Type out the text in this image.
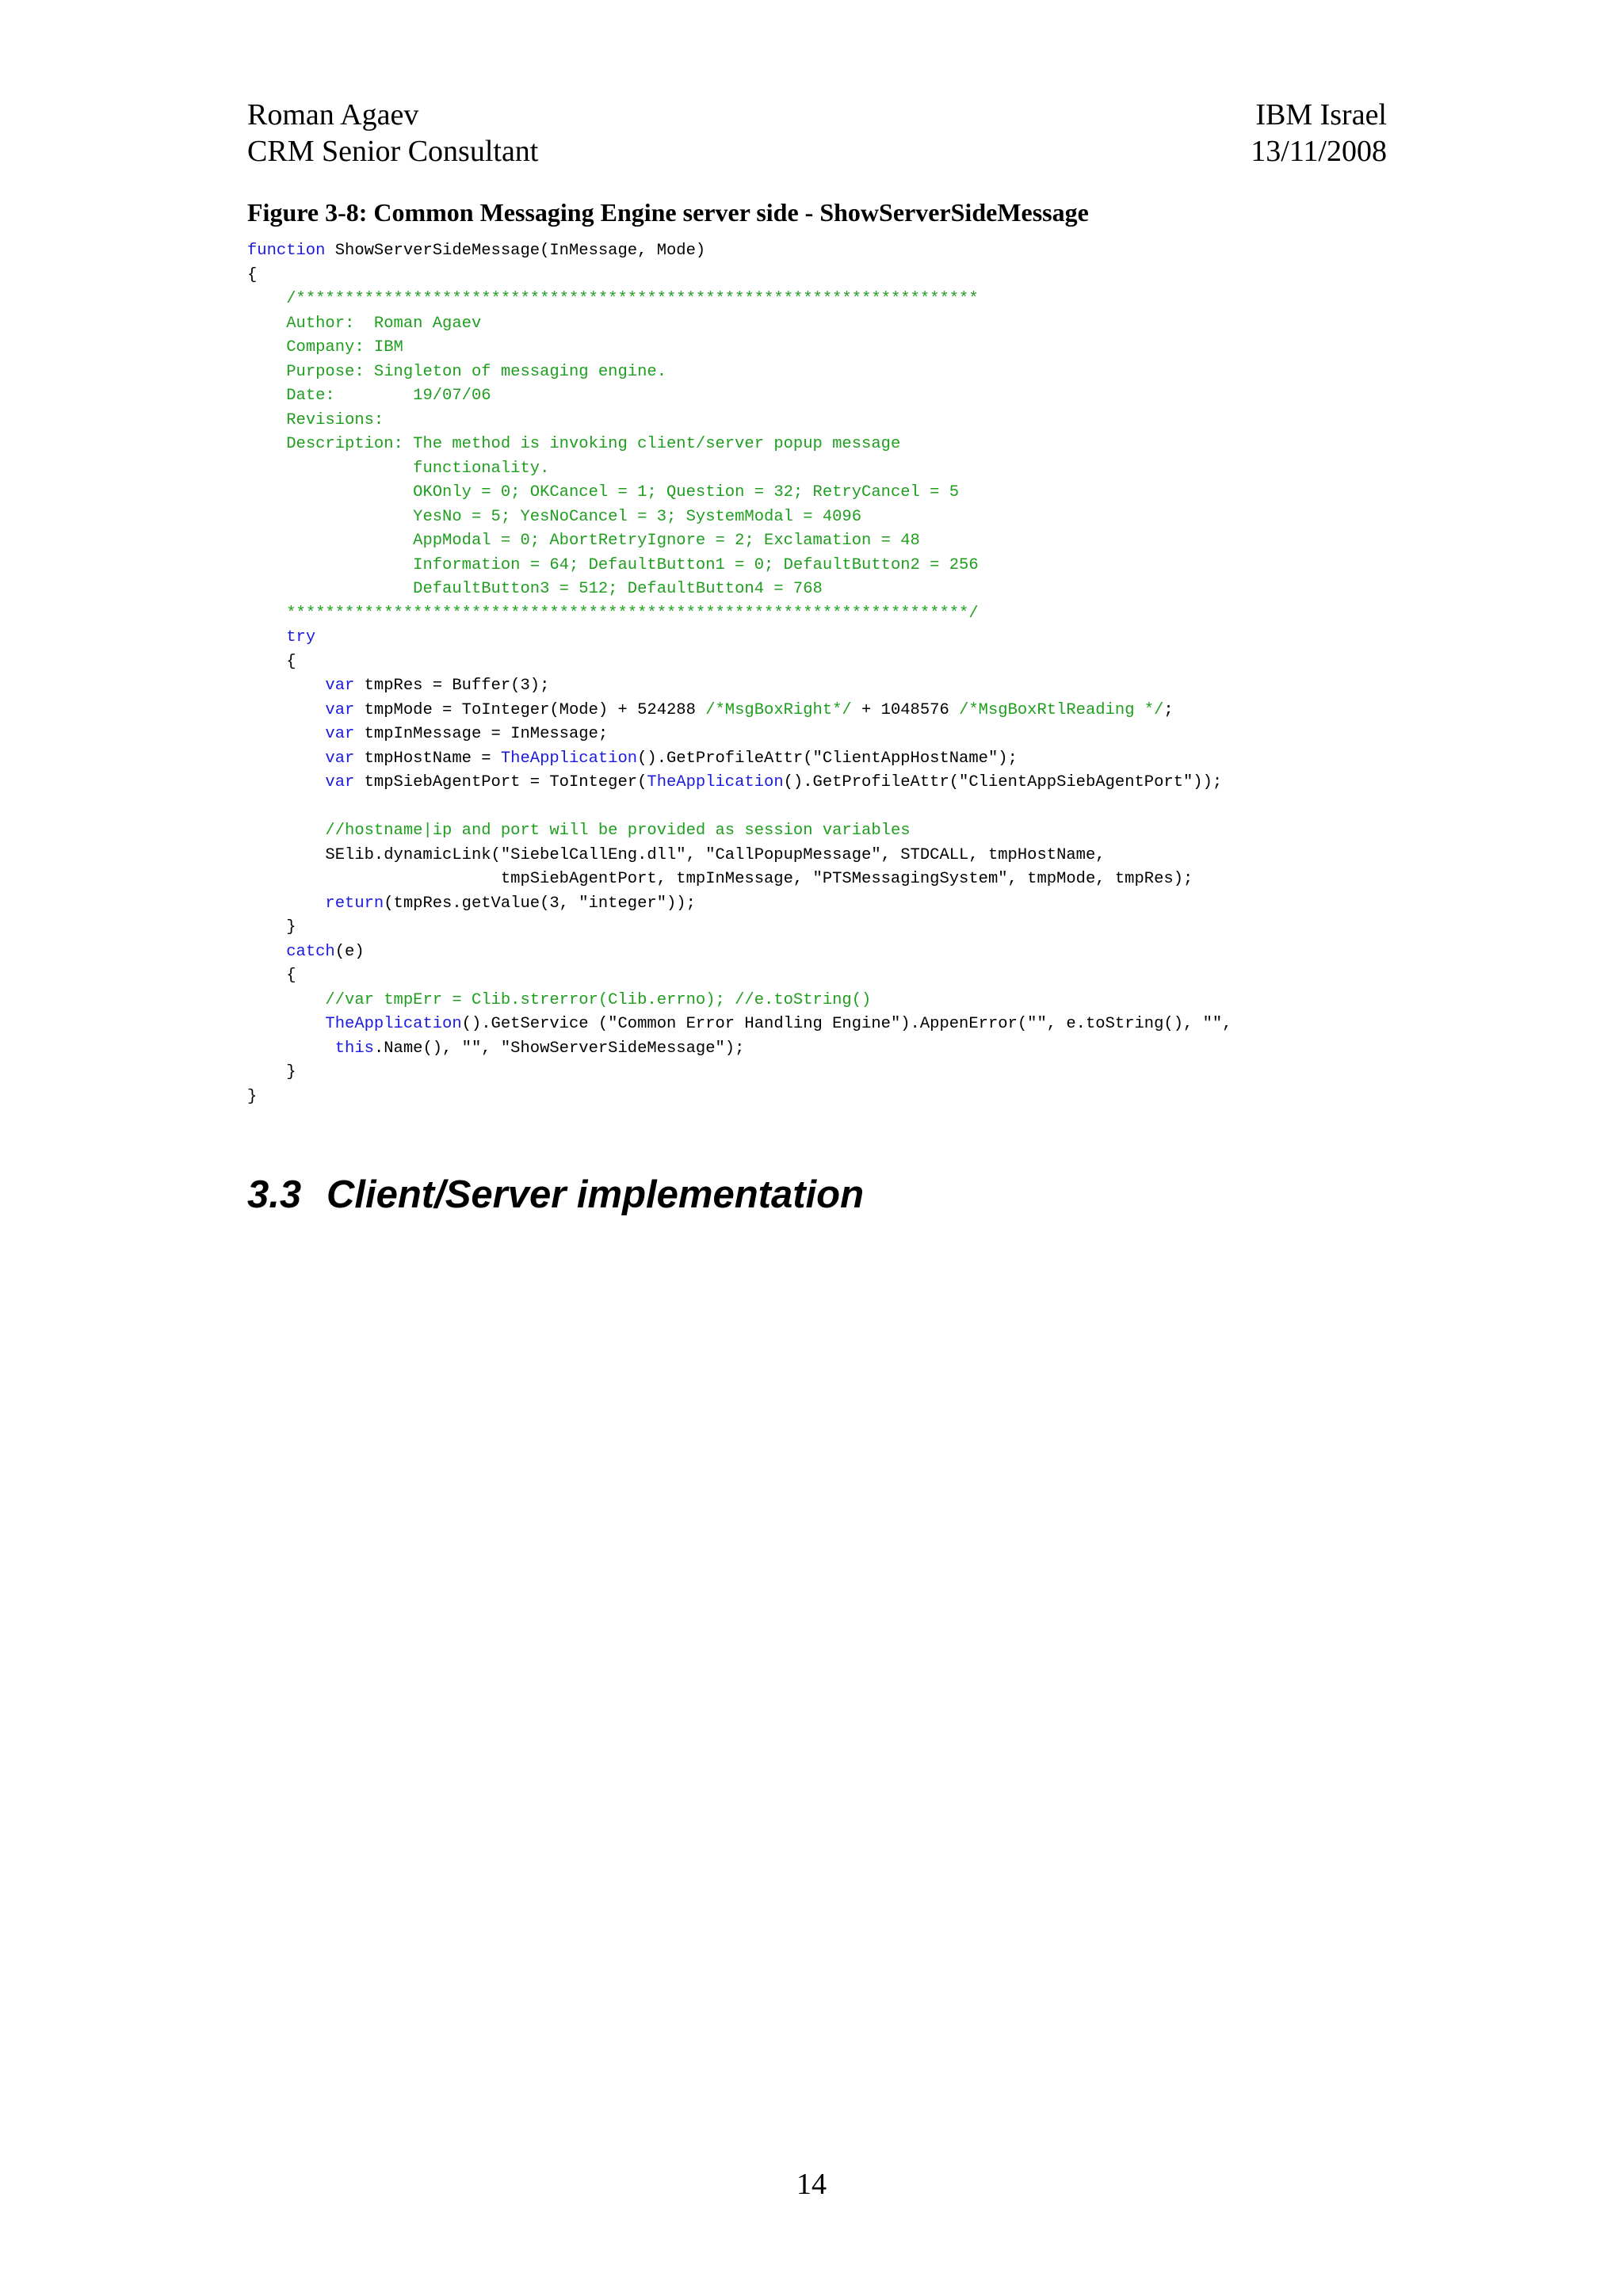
Roman Agaev
CRM Senior Consultant
IBM Israel
13/11/2008
Figure 3-8: Common Messaging Engine server side - ShowServerSideMessage
function ShowServerSideMessage(InMessage, Mode)
{
/**********************************************************************
Author:  Roman Agaev
Company: IBM
Purpose: Singleton of messaging engine.
Date:        19/07/06
Revisions:
Description: The method is invoking client/server popup message
functionality.
OKOnly = 0; OKCancel = 1; Question = 32; RetryCancel = 5
YesNo = 5; YesNoCancel = 3; SystemModal = 4096
AppModal = 0; AbortRetryIgnore = 2; Exclamation = 48
Information = 64; DefaultButton1 = 0; DefaultButton2 = 256
DefaultButton3 = 512; DefaultButton4 = 768
**********************************************************************/
try
{
var tmpRes = Buffer(3);
var tmpMode = ToInteger(Mode) + 524288 /*MsgBoxRight*/ + 1048576 /*MsgBoxRtlReading */;
var tmpInMessage = InMessage;
var tmpHostName = TheApplication().GetProfileAttr("ClientAppHostName");
var tmpSiebAgentPort = ToInteger(TheApplication().GetProfileAttr("ClientAppSiebAgentPort"));
//hostname|ip and port will be provided as session variables
SElib.dynamicLink("SiebelCallEng.dll", "CallPopupMessage", STDCALL, tmpHostName,
tmpSiebAgentPort, tmpInMessage, "PTSMessagingSystem", tmpMode, tmpRes);
return(tmpRes.getValue(3, "integer"));
}
catch(e)
{
//var tmpErr = Clib.strerror(Clib.errno); //e.toString()
TheApplication().GetService ("Common Error Handling Engine").AppenError("", e.toString(), "",
this.Name(), "", "ShowServerSideMessage");
}
}
3.3 Client/Server implementation
14
